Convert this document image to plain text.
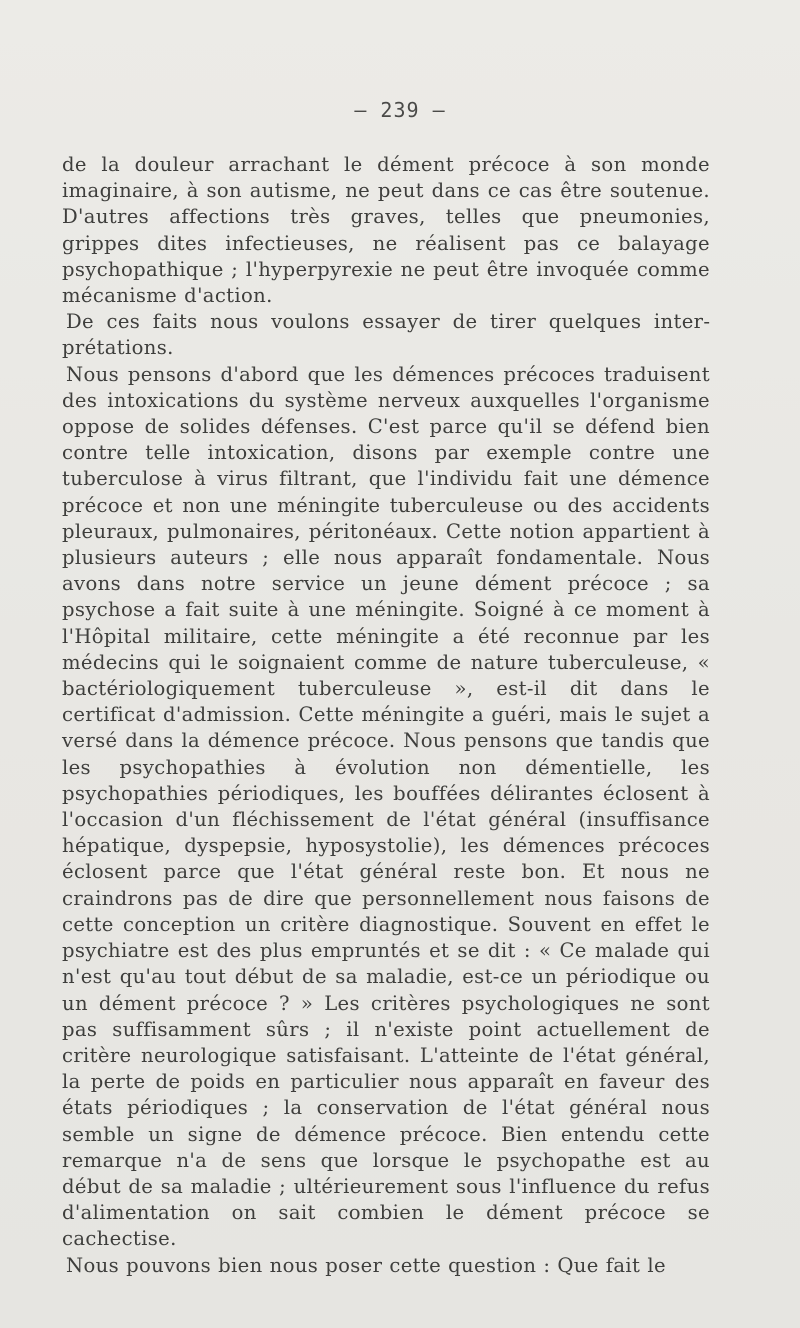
— 239 —

de la douleur arrachant le dément précoce à son monde imaginaire, à son autisme, ne peut dans ce cas être soutenue. D'autres affections très graves, telles que pneumonies, grippes dites infectieuses, ne réalisent pas ce balayage psychopathique ; l'hyperpyrexie ne peut être invoquée comme mécanisme d'action.

De ces faits nous voulons essayer de tirer quelques interprétations.

Nous pensons d'abord que les démences précoces traduisent des intoxications du système nerveux auxquelles l'organisme oppose de solides défenses. C'est parce qu'il se défend bien contre telle intoxication, disons par exemple contre une tuberculose à virus filtrant, que l'individu fait une démence précoce et non une méningite tuberculeuse ou des accidents pleuraux, pulmonaires, péritonéaux. Cette notion appartient à plusieurs auteurs ; elle nous apparaît fondamentale. Nous avons dans notre service un jeune dément précoce ; sa psychose a fait suite à une méningite. Soigné à ce moment à l'Hôpital militaire, cette méningite a été reconnue par les médecins qui le soignaient comme de nature tuberculeuse, « bactériologiquement tuberculeuse », est-il dit dans le certificat d'admission. Cette méningite a guéri, mais le sujet a versé dans la démence précoce. Nous pensons que tandis que les psychopathies à évolution non démentielle, les psychopathies périodiques, les bouffées délirantes éclosent à l'occasion d'un fléchissement de l'état général (insuffisance hépatique, dyspepsie, hyposystolie), les démences précoces éclosent parce que l'état général reste bon. Et nous ne craindrons pas de dire que personnellement nous faisons de cette conception un critère diagnostique. Souvent en effet le psychiatre est des plus empruntés et se dit : « Ce malade qui n'est qu'au tout début de sa maladie, est-ce un périodique ou un dément précoce ? » Les critères psychologiques ne sont pas suffisamment sûrs ; il n'existe point actuellement de critère neurologique satisfaisant. L'atteinte de l'état général, la perte de poids en particulier nous apparaît en faveur des états périodiques ; la conservation de l'état général nous semble un signe de démence précoce. Bien entendu cette remarque n'a de sens que lorsque le psychopathe est au début de sa maladie ; ultérieurement sous l'influence du refus d'alimentation on sait combien le dément précoce se cachectise.

Nous pouvons bien nous poser cette question : Que fait le
